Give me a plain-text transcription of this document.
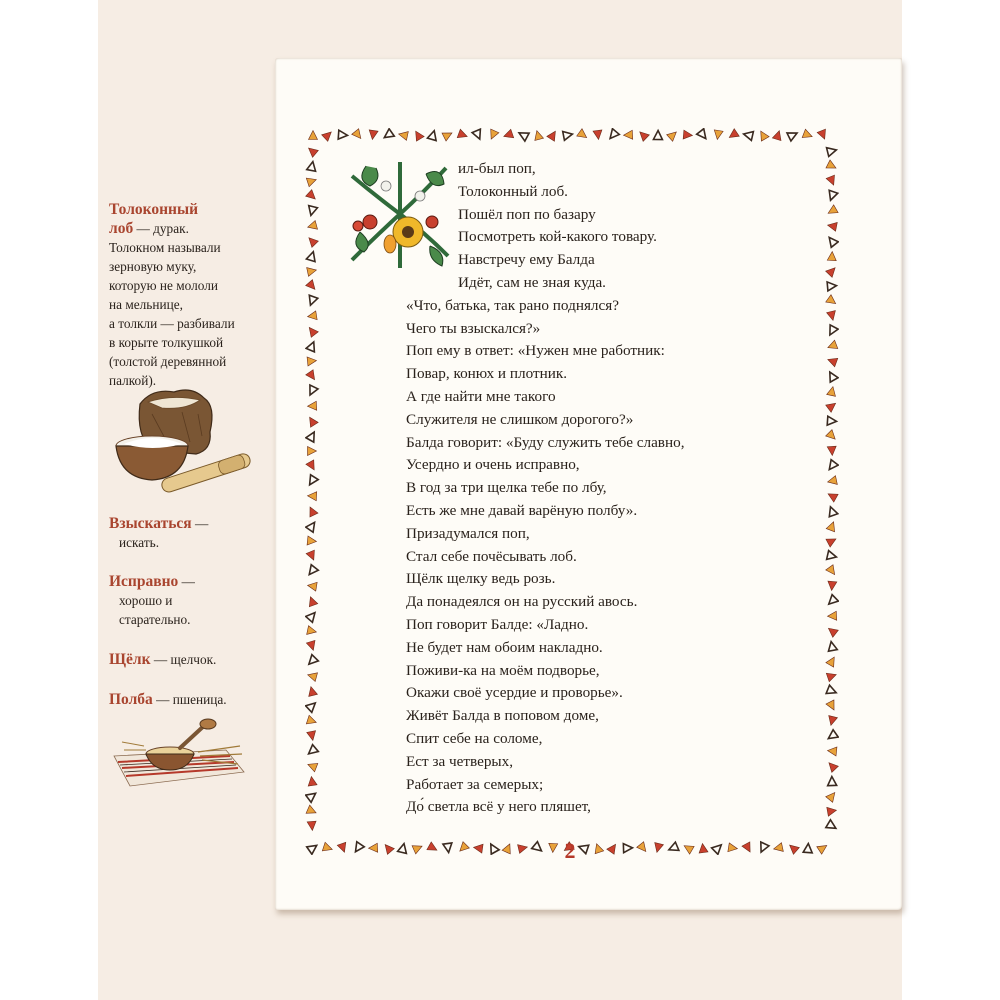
Толоконный
лоб — дурак.
Толокном называли
зерновую муку,
которую не мололи
на мельнице,
а толкли — разбивали
в корыте толкушкой
(толстой деревянной
палкой).
Взыскаться —

искать.
Исправно —

хорошо и
старательно.
Щёлк — щелчок.
Полба — пшеница.
ил-был поп,
Толоконный лоб.
Пошёл поп по базару
Посмотреть кой-какого товару.
Навстречу ему Балда
Идёт, сам не зная куда.
«Что, батька, так рано поднялся?
Чего ты взыскался?»
Поп ему в ответ: «Нужен мне работник:
Повар, конюх и плотник.
А где найти мне такого
Служителя не слишком дорогого?»
Балда говорит: «Буду служить тебе славно,
Усердно и очень исправно,
В год за три щелка тебе по лбу,
Есть же мне давай варёную полбу».
Призадумался поп,
Стал себе почёсывать лоб.
Щёлк щелку ведь розь.
Да понадеялся он на русский авось.
Поп говорит Балде: «Ладно.
Не будет нам обоим накладно.
Поживи-ка на моём подворье,
Окажи своё усердие и проворье».
Живёт Балда в поповом доме,
Спит себе на соломе,
Ест за четверых,
Работает за семерых;
До́ светла всё у него пляшет,
2
